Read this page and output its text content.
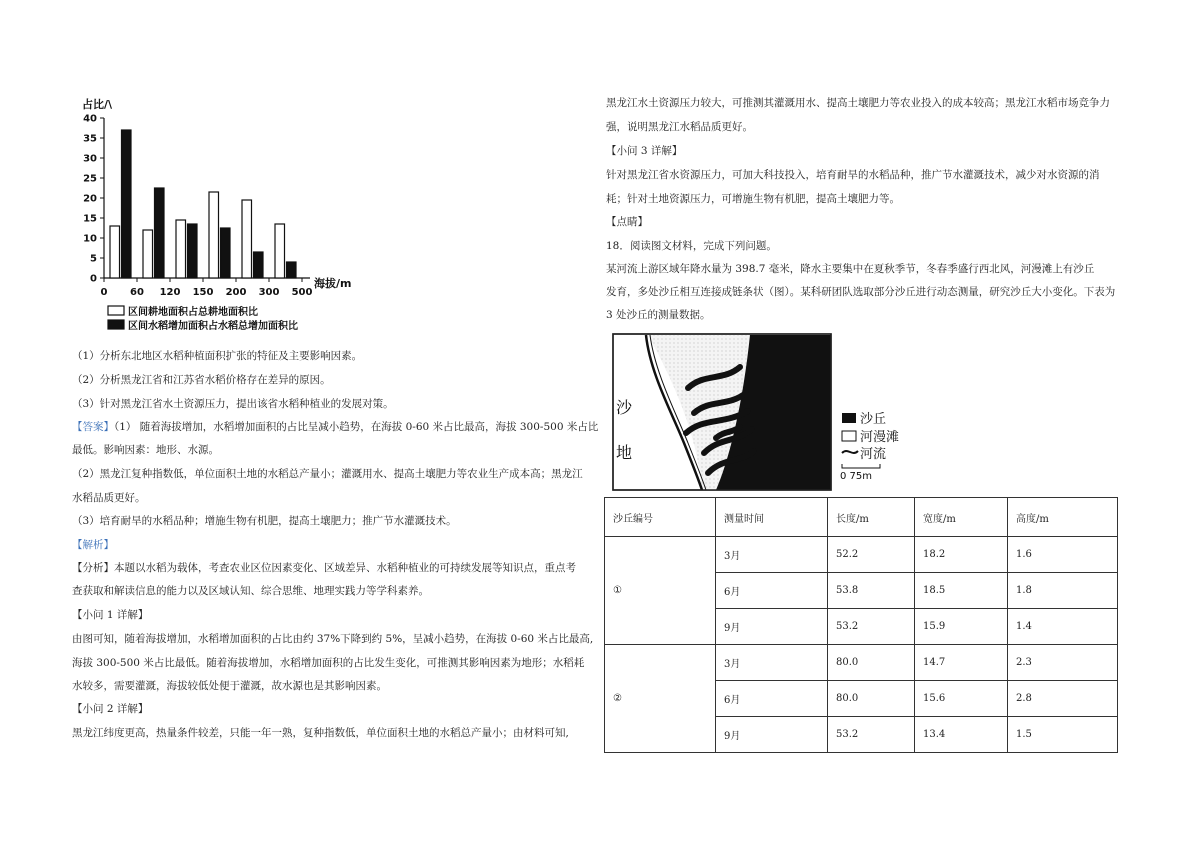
占比/\
海拔/m
0
5
10
15
20
25
30
35
40
0 60 120 150 200 300 500
区间耕地面积占总耕地面积比
区间水稻增加面积占水稻总增加面积比
（1）分析东北地区水稻种植面积扩张的特征及主要影响因素。
（2）分析黑龙江省和江苏省水稻价格存在差异的原因。
（3）针对黑龙江省水土资源压力，提出该省水稻种植业的发展对策。
【答案】（1） 随着海拔增加，水稻增加面积的占比呈减小趋势，在海拔 0-60 米占比最高，海拔 300-500 米占比
最低。影响因素：地形、水源。
（2）黑龙江复种指数低，单位面积土地的水稻总产量小；灌溉用水、提高土壤肥力等农业生产成本高；黑龙江
水稻品质更好。
（3）培育耐旱的水稻品种；增施生物有机肥，提高土壤肥力；推广节水灌溉技术。
【解析】
【分析】本题以水稻为载体，考查农业区位因素变化、区域差异、水稻种植业的可持续发展等知识点，重点考
查获取和解读信息的能力以及区域认知、综合思维、地理实践力等学科素养。
【小问 1 详解】
由图可知，随着海拔增加，水稻增加面积的占比由约 37%下降到约 5%，呈减小趋势，在海拔 0-60 米占比最高,
海拔 300-500 米占比最低。随着海拔增加，水稻增加面积的占比发生变化，可推测其影响因素为地形；水稻耗
水较多，需要灌溉，海拔较低处便于灌溉，故水源也是其影响因素。
【小问 2 详解】
黑龙江纬度更高，热量条件较差，只能一年一熟，复种指数低，单位面积土地的水稻总产量小；由材料可知,
黑龙江水土资源压力较大，可推测其灌溉用水、提高土壤肥力等农业投入的成本较高；黑龙江水稻市场竞争力
强，说明黑龙江水稻品质更好。
【小问 3 详解】
针对黑龙江省水资源压力，可加大科技投入，培育耐旱的水稻品种，推广节水灌溉技术，减少对水资源的消
耗；针对土地资源压力，可增施生物有机肥，提高土壤肥力等。
【点睛】
18．阅读图文材料，完成下列问题。
某河流上游区域年降水量为 398.7 毫米，降水主要集中在夏秋季节，冬春季盛行西北风，河漫滩上有沙丘
发育，多处沙丘相互连接成链条状（图）。某科研团队选取部分沙丘进行动态测量，研究沙丘大小变化。下表为
3 处沙丘的测量数据。
沙
地
沙丘
河漫滩
河流
0 75m
沙丘编号	测量时间	长度/m	宽度/m	高度/m
①	3月	52.2	18.2	1.6
	6月	53.8	18.5	1.8
	9月	53.2	15.9	1.4
②	3月	80.0	14.7	2.3
	6月	80.0	15.6	2.8
	9月	53.2	13.4	1.5
